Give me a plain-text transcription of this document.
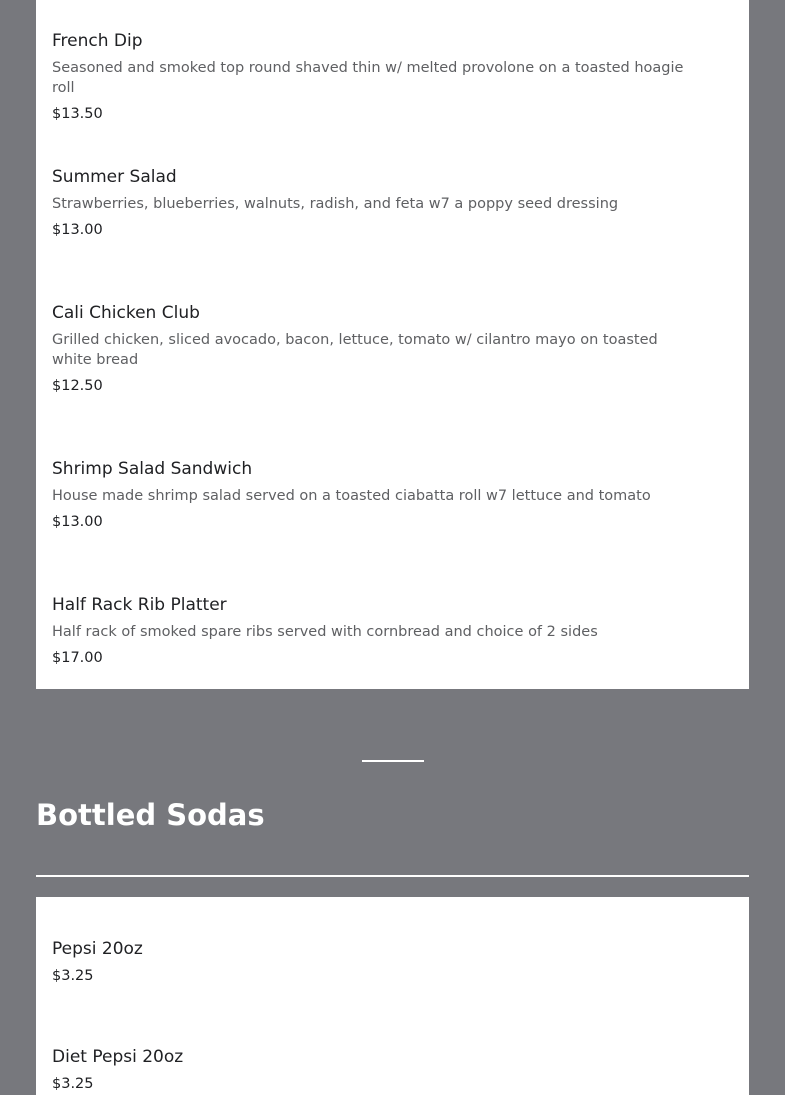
French Dip
Seasoned and smoked top round shaved thin w/ melted provolone on a toasted hoagie roll
$13.50
Summer Salad
Strawberries, blueberries, walnuts, radish, and feta w7 a poppy seed dressing
$13.00
Cali Chicken Club
Grilled chicken, sliced avocado, bacon, lettuce, tomato w/ cilantro mayo on toasted white bread
$12.50
Shrimp Salad Sandwich
House made shrimp salad served on a toasted ciabatta roll w7 lettuce and tomato
$13.00
Half Rack Rib Platter
Half rack of smoked spare ribs served with cornbread and choice of 2 sides
$17.00
Bottled Sodas
Pepsi 20oz
$3.25
Diet Pepsi 20oz
$3.25
